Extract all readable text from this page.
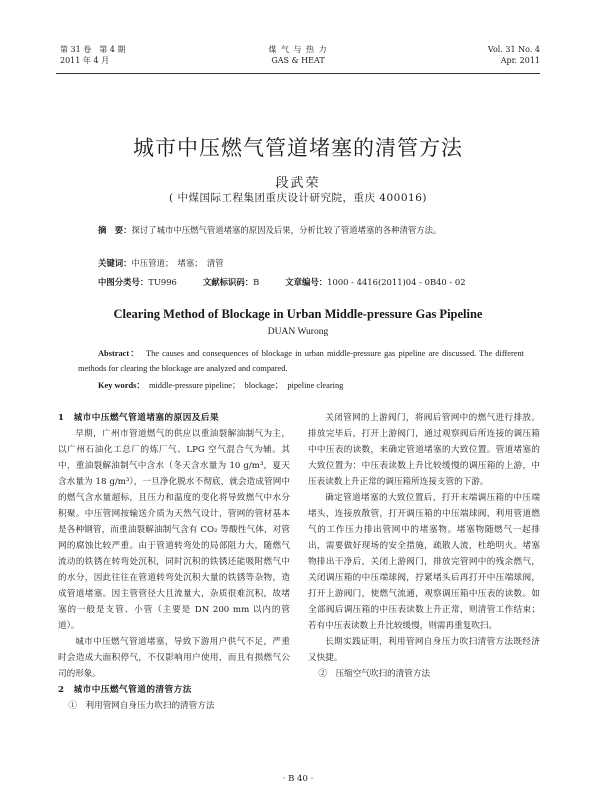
第 31 卷　第 4 期
2011 年 4 月
煤 气 与 热 力
GAS & HEAT
Vol. 31 No. 4
Apr. 2011
城市中压燃气管道堵塞的清管方法
段武荣
( 中煤国际工程集团重庆设计研究院，重庆 400016)
摘　要：探讨了城市中压燃气管道堵塞的原因及后果，分析比较了管道堵塞的各种清管方法。
关键词：中压管道；　堵塞；　清管
中图分类号：TU996	文献标识码：B	文章编号：1000 - 4416(2011)04 - 0B40 - 02
Clearing Method of Blockage in Urban Middle-pressure Gas Pipeline
DUAN Wurong
Abstract： The causes and consequences of blockage in urban middle-pressure gas pipeline are discussed. The different methods for clearing the blockage are analyzed and compared.
Key words： middle-pressure pipeline；　blockage；　pipeline clearing

1　城市中压燃气管道堵塞的原因及后果

早期，广州市管道燃气的供应以重油裂解油制气为主，以广州石油化工总厂的炼厂气、LPG 空气混合气为辅。其中，重油裂解油制气中含水（冬天含水量为 10 g/m³，夏天含水量为 18 g/m³），一旦净化脱水不彻底，就会造成管网中的燃气含水量超标，且压力和温度的变化将导致燃气中水分积聚。中压管网按输送介质为天然气设计，管网的管材基本是各种钢管，而重油裂解油制气含有 CO₂ 等酸性气体，对管网的腐蚀比较严重。由于管道转弯处的局部阻力大，随燃气流动的铁锈在转弯处沉积，同时沉积的铁锈还能吸附燃气中的水分，因此往往在管道转弯处沉积大量的铁锈等杂物，造成管道堵塞。因主管管径大且流量大，杂质很难沉积，故堵塞的一般是支管、小管（主要是 DN 200 mm 以内的管道）。

城市中压燃气管道堵塞，导致下游用户供气不足，严重时会造成大面积停气，不仅影响用户使用，而且有损燃气公司的形象。

2　城市中压燃气管道的清管方法

①　利用管网自身压力吹扫的清管方法

关闭管网的上游阀门，将阀后管网中的燃气进行排放。排放完毕后，打开上游阀门，通过观察阀后所连接的调压箱中中压表的读数，来确定管道堵塞的大致位置。管道堵塞的大致位置为：中压表读数上升比较缓慢的调压箱的上游，中压表读数上升正常的调压箱所连接支管的下游。

确定管道堵塞的大致位置后，打开末端调压箱的中压端堵头，连接放散管，打开调压箱的中压端球阀，利用管道燃气的工作压力排出管网中的堵塞物。堵塞物随燃气一起排出，需要做好现场的安全措施，疏散人流，杜绝明火。堵塞物排出干净后，关闭上游阀门，排放完管网中的残余燃气，关闭调压箱的中压端球阀，拧紧堵头后再打开中压端球阀，打开上游阀门，使燃气流通，观察调压箱中压表的读数。如全部阀后调压箱的中压表读数上升正常，则清管工作结束；若有中压表读数上升比较缓慢，则需再重复吹扫。

长期实践证明，利用管网自身压力吹扫清管方法既经济又快捷。

②　压缩空气吹扫的清管方法

· B 40 ·
